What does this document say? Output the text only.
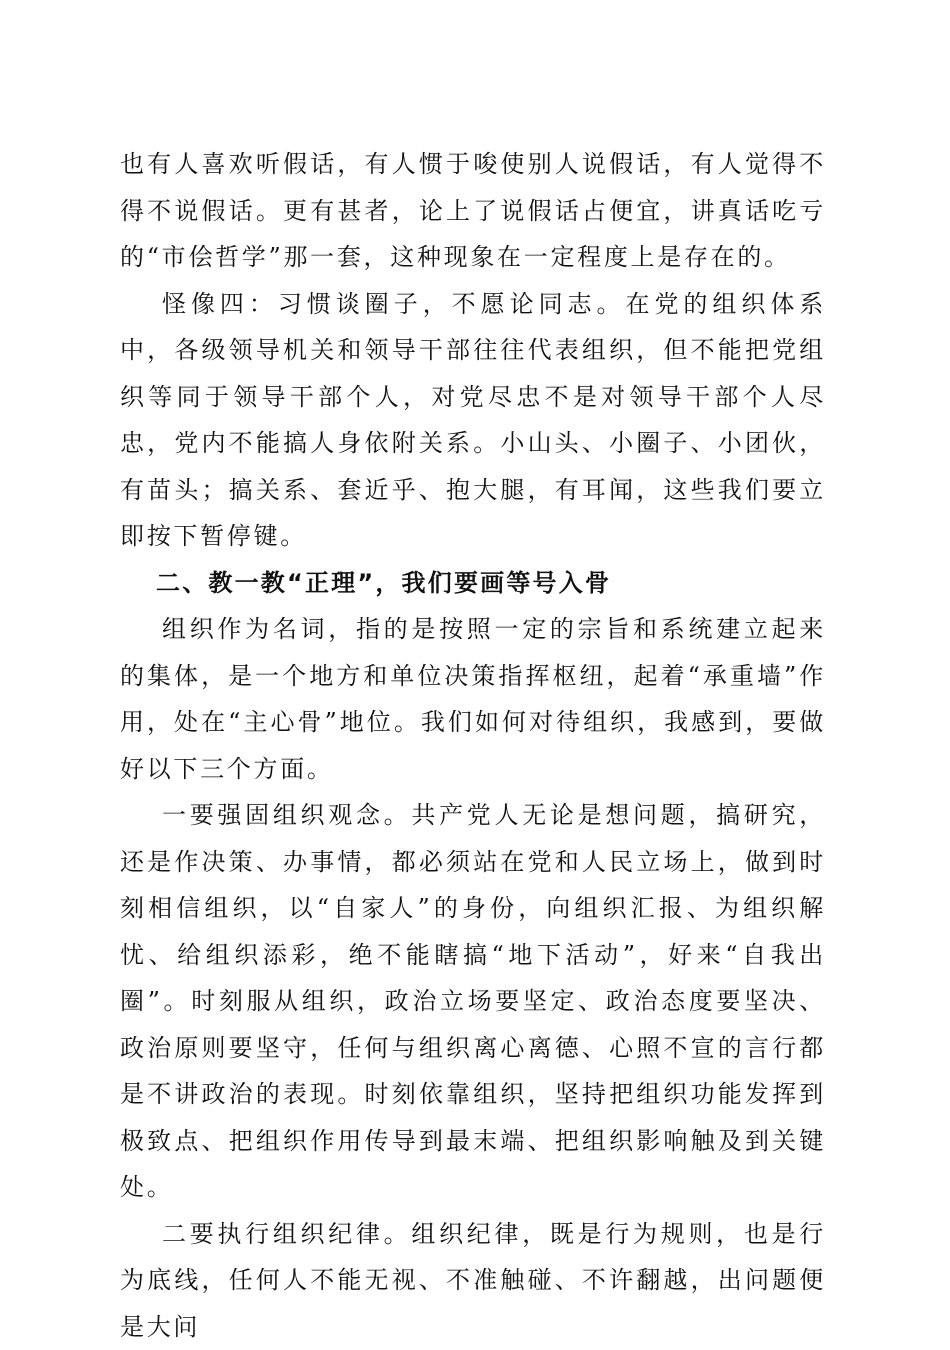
也有人喜欢听假话，有人惯于唆使别人说假话，有人觉得不得不说假话。更有甚者，论上了说假话占便宜，讲真话吃亏的“市侩哲学”那一套，这种现象在一定程度上是存在的。

怪像四：习惯谈圈子，不愿论同志。在党的组织体系中，各级领导机关和领导干部往往代表组织，但不能把党组织等同于领导干部个人，对党尽忠不是对领导干部个人尽忠，党内不能搞人身依附关系。小山头、小圈子、小团伙，有苗头；搞关系、套近乎、抱大腿，有耳闻，这些我们要立即按下暂停键。

二、教一教“正理”，我们要画等号入骨

组织作为名词，指的是按照一定的宗旨和系统建立起来的集体，是一个地方和单位决策指挥枢纽，起着“承重墙”作用，处在“主心骨”地位。我们如何对待组织，我感到，要做好以下三个方面。

一要强固组织观念。共产党人无论是想问题，搞研究，还是作决策、办事情，都必须站在党和人民立场上，做到时刻相信组织，以“自家人”的身份，向组织汇报、为组织解忧、给组织添彩，绝不能瞎搞“地下活动”，好来“自我出圈”。时刻服从组织，政治立场要坚定、政治态度要坚决、政治原则要坚守，任何与组织离心离德、心照不宣的言行都是不讲政治的表现。时刻依靠组织，坚持把组织功能发挥到极致点、把组织作用传导到最末端、把组织影响触及到关键处。

二要执行组织纪律。组织纪律，既是行为规则，也是行为底线，任何人不能无视、不准触碰、不许翻越，出问题便是大问
